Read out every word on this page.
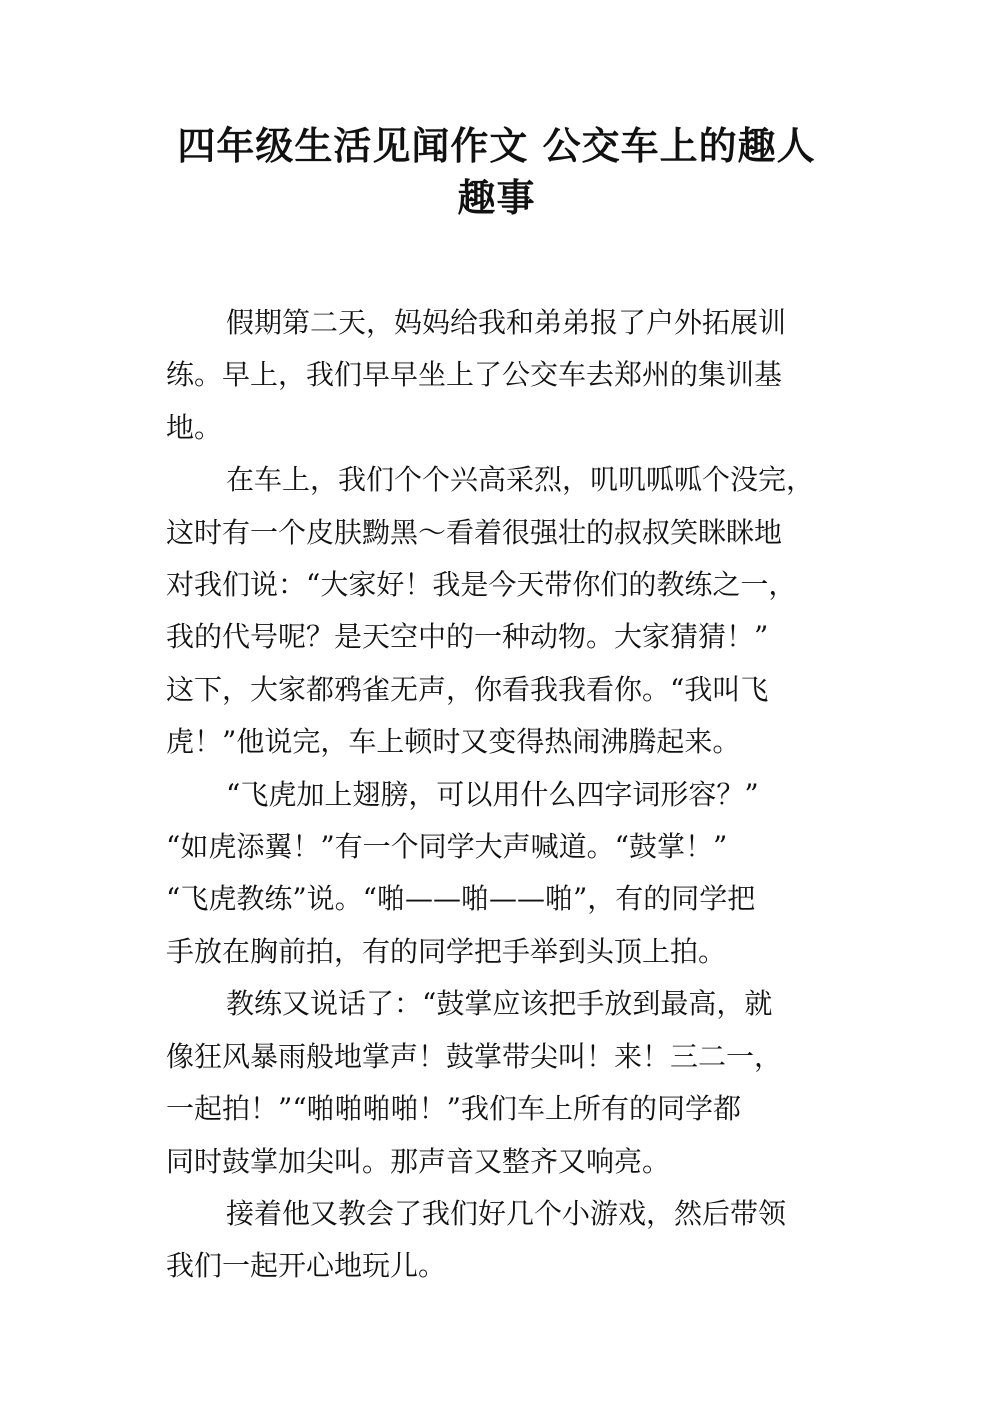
四年级生活见闻作文 公交车上的趣人
趣事
假期第二天，妈妈给我和弟弟报了户外拓展训
练。早上，我们早早坐上了公交车去郑州的集训基
地。
在车上，我们个个兴高采烈，叽叽呱呱个没完，
这时有一个皮肤黝黑～看着很强壮的叔叔笑眯眯地
对我们说：“大家好！我是今天带你们的教练之一，
我的代号呢？是天空中的一种动物。大家猜猜！”
这下，大家都鸦雀无声，你看我我看你。“我叫飞
虎！”他说完，车上顿时又变得热闹沸腾起来。
“飞虎加上翅膀，可以用什么四字词形容？”
“如虎添翼！”有一个同学大声喊道。“鼓掌！”
“飞虎教练”说。“啪——啪——啪”，有的同学把
手放在胸前拍，有的同学把手举到头顶上拍。
教练又说话了：“鼓掌应该把手放到最高，就
像狂风暴雨般地掌声！鼓掌带尖叫！来！三二一，
一起拍！”“啪啪啪啪！”我们车上所有的同学都
同时鼓掌加尖叫。那声音又整齐又响亮。
接着他又教会了我们好几个小游戏，然后带领
我们一起开心地玩儿。
